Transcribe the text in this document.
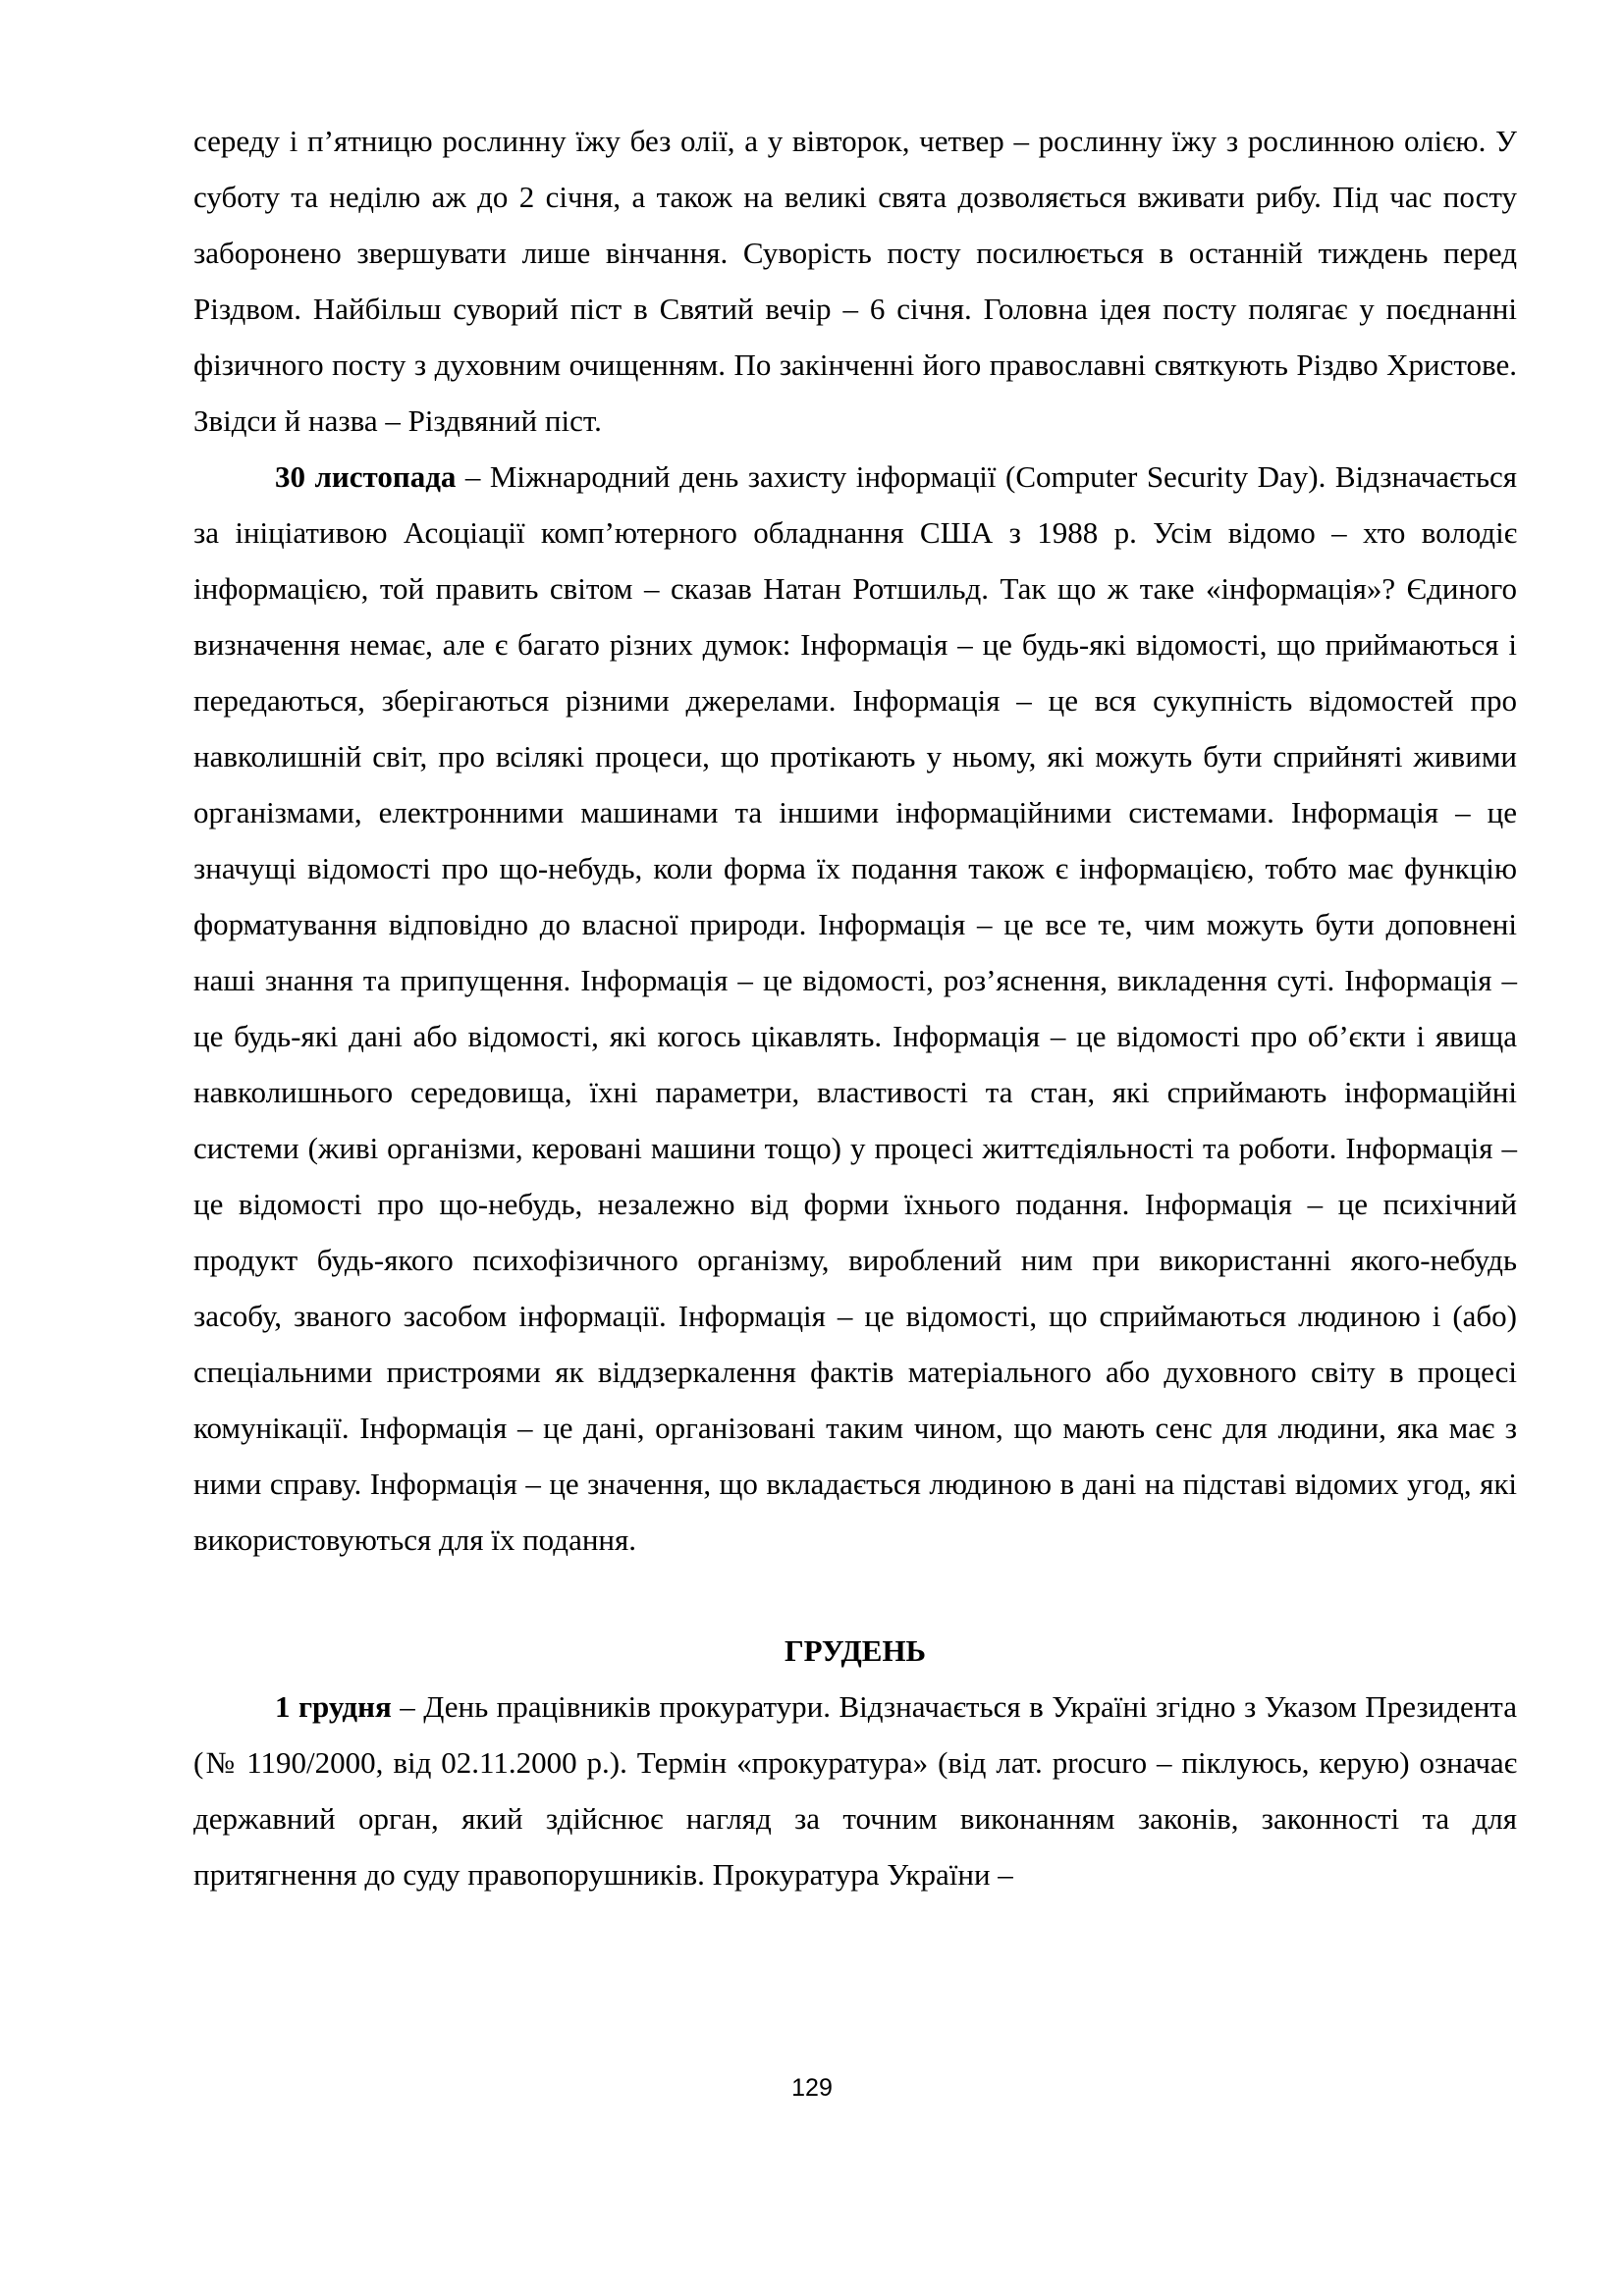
середу і п’ятницю рослинну їжу без олії, а у вівторок, четвер – рослинну їжу з рослинною олією. У суботу та неділю аж до 2 січня, а також на великі свята дозволяється вживати рибу. Під час посту заборонено звершувати лише вінчання. Суворість посту посилюється в останній тиждень перед Різдвом. Найбільш суворий піст в Святий вечір – 6 січня. Головна ідея посту полягає у поєднанні фізичного посту з духовним очищенням. По закінченні його православні святкують Різдво Христове. Звідси й назва – Різдвяний піст.

30 листопада – Міжнародний день захисту інформації (Computer Security Day). Відзначається за ініціативою Асоціації комп’ютерного обладнання США з 1988 р. Усім відомо – хто володіє інформацією, той править світом – сказав Натан Ротшильд. Так що ж таке «інформація»? Єдиного визначення немає, але є багато різних думок: Інформація – це будь-які відомості, що приймаються і передаються, зберігаються різними джерелами. Інформація – це вся сукупність відомостей про навколишній світ, про всілякі процеси, що протікають у ньому, які можуть бути сприйняті живими організмами, електронними машинами та іншими інформаційними системами. Інформація – це значущі відомості про що-небудь, коли форма їх подання також є інформацією, тобто має функцію форматування відповідно до власної природи. Інформація – це все те, чим можуть бути доповнені наші знання та припущення. Інформація – це відомості, роз’яснення, викладення суті. Інформація – це будь-які дані або відомості, які когось цікавлять. Інформація – це відомості про об’єкти і явища навколишнього середовища, їхні параметри, властивості та стан, які сприймають інформаційні системи (живі організми, керовані машини тощо) у процесі життєдіяльності та роботи. Інформація – це відомості про що-небудь, незалежно від форми їхнього подання. Інформація – це психічний продукт будь-якого психофізичного організму, вироблений ним при використанні якого-небудь засобу, званого засобом інформації. Інформація – це відомості, що сприймаються людиною і (або) спеціальними пристроями як віддзеркалення фактів матеріального або духовного світу в процесі комунікації. Інформація – це дані, організовані таким чином, що мають сенс для людини, яка має з ними справу. Інформація – це значення, що вкладається людиною в дані на підставі відомих угод, які використовуються для їх подання.

ГРУДЕНЬ

1 грудня – День працівників прокуратури. Відзначається в Україні згідно з Указом Президента (№ 1190/2000, від 02.11.2000 р.). Термін «прокуратура» (від лат. procuro – піклуюсь, керую) означає державний орган, який здійснює нагляд за точним виконанням законів, законності та для притягнення до суду правопорушників. Прокуратура України –

129
